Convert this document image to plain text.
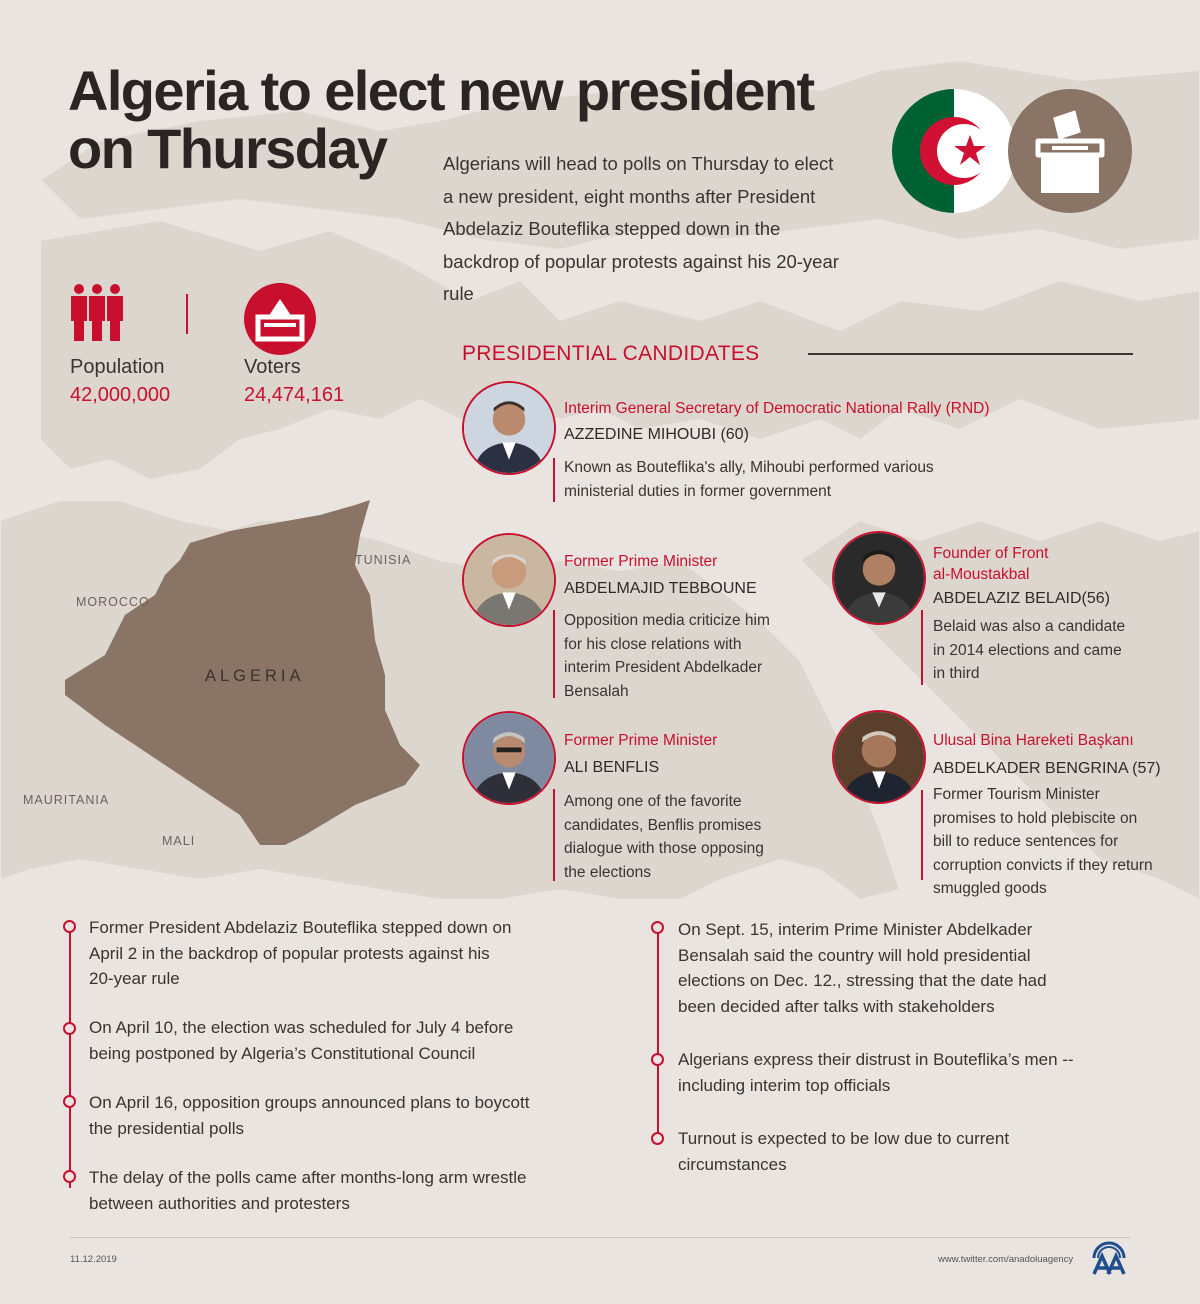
Algeria to elect new president
on Thursday	Algerians will head to polls on Thursday to elect a new president, eight months after President Abdelaziz Bouteflika stepped down in the backdrop of popular protests against his 20-year rule
Population
42,000,000
Voters
24,474,161
TUNISIA
MOROCCO
ALGERIA
MAURITANIA
MALI
PRESIDENTIAL CANDIDATES
Interim General Secretary of Democratic National Rally (RND)
AZZEDINE MIHOUBI (60)
Known as Bouteflika's ally, Mihoubi performed various
ministerial duties in former government
Former Prime Minister
ABDELMAJID TEBBOUNE
Opposition media criticize him
for his close relations with
interim President Abdelkader
Bensalah
Founder of Front
al-Moustakbal
ABDELAZIZ BELAID(56)
Belaid was also a candidate
in 2014 elections and came
in third
Former Prime Minister
ALI BENFLIS
Among one of the favorite
candidates, Benflis promises
dialogue with those opposing
the elections
Ulusal Bina Hareketi Başkanı
ABDELKADER BENGRINA (57)
Former Tourism Minister
promises to hold plebiscite on
bill to reduce sentences for
corruption convicts if they return
smuggled goods
Former President Abdelaziz Bouteflika stepped down on
April 2 in the backdrop of popular protests against his
20-year rule
On April 10, the election was scheduled for July 4 before
being postponed by Algeria’s Constitutional Council
On April 16, opposition groups announced plans to boycott
the presidential polls
The delay of the polls came after months-long arm wrestle
between authorities and protesters
On Sept. 15, interim Prime Minister Abdelkader
Bensalah said the country will hold presidential
elections on Dec. 12., stressing that the date had
been decided after talks with stakeholders
Algerians express their distrust in Bouteflika’s men --
including interim top officials
Turnout is expected to be low due to current
circumstances
11.12.2019	www.twitter.com/anadoluagency
